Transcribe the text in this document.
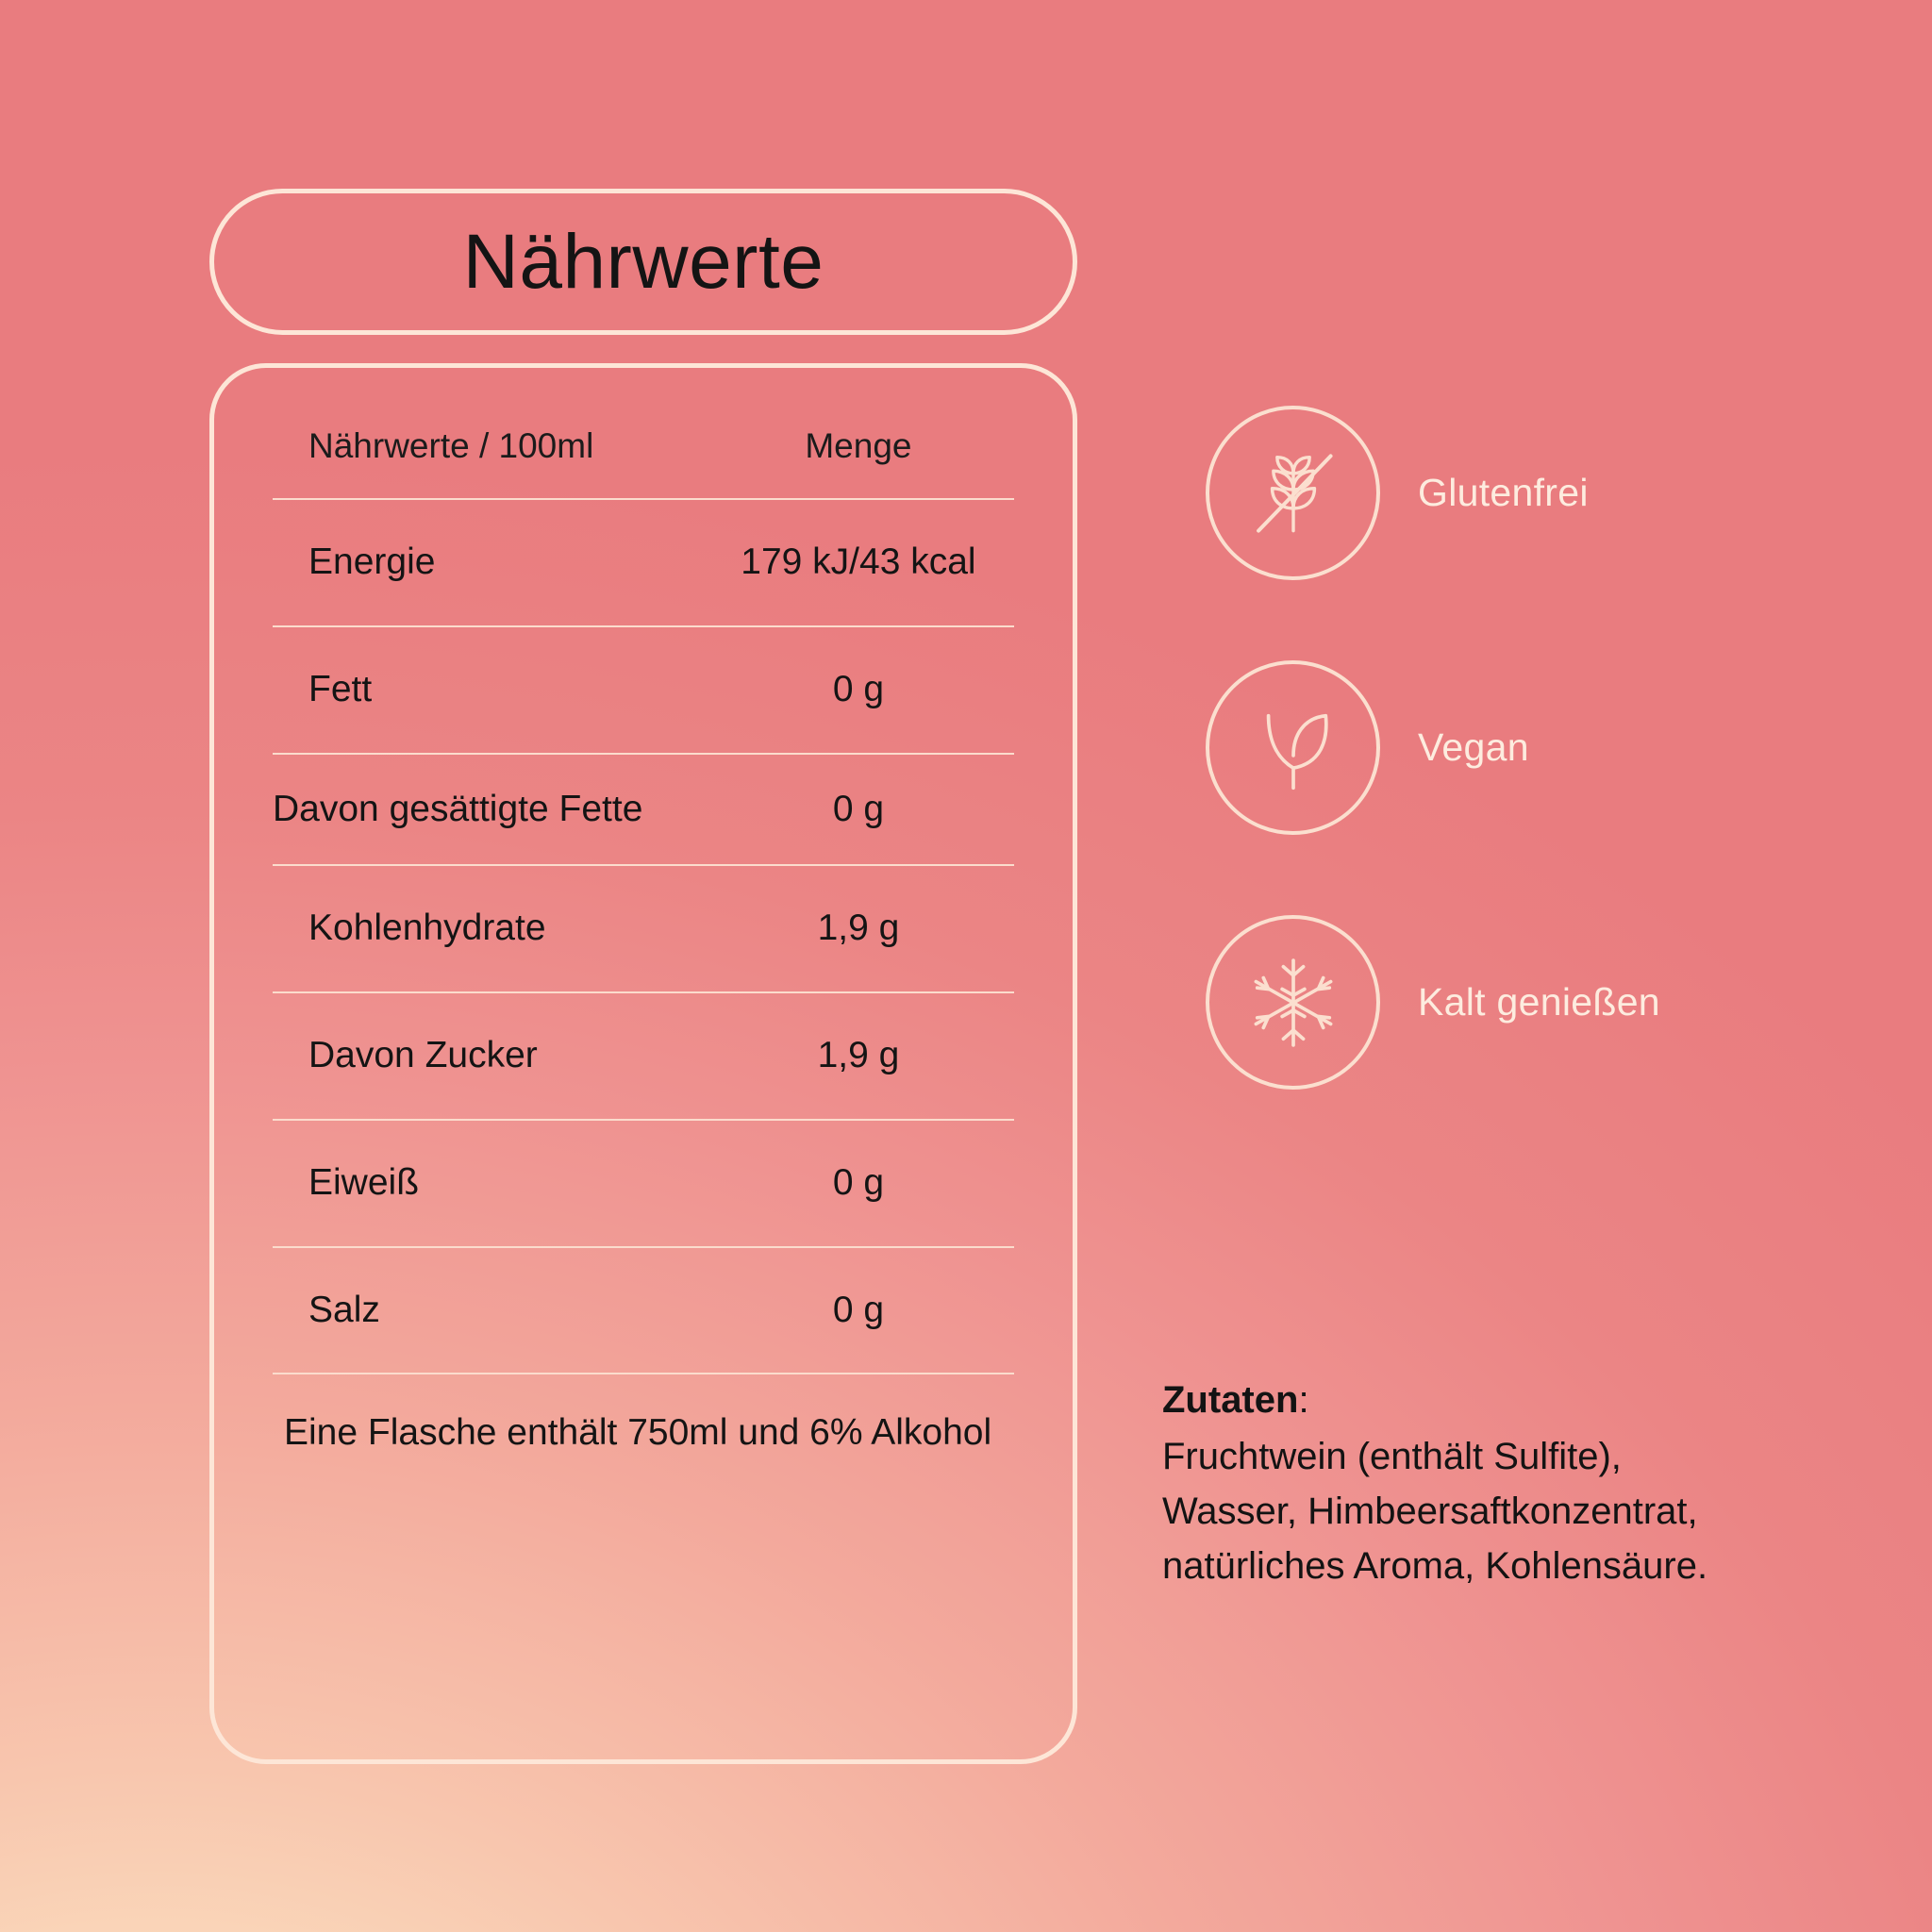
Nährwerte
Nährwerte / 100ml	Menge
Energie	179 kJ/43 kcal
Fett	0 g
Davon gesättigte Fette	0 g
Kohlenhydrate	1,9 g
Davon Zucker	1,9 g
Eiweiß	0 g
Salz	0 g
Eine Flasche enthält 750ml und 6% Alkohol
Glutenfrei
Vegan
Kalt genießen
Zutaten:
Fruchtwein (enthält Sulfite), Wasser, Himbeersaftkonzentrat, natürliches Aroma, Kohlensäure.
